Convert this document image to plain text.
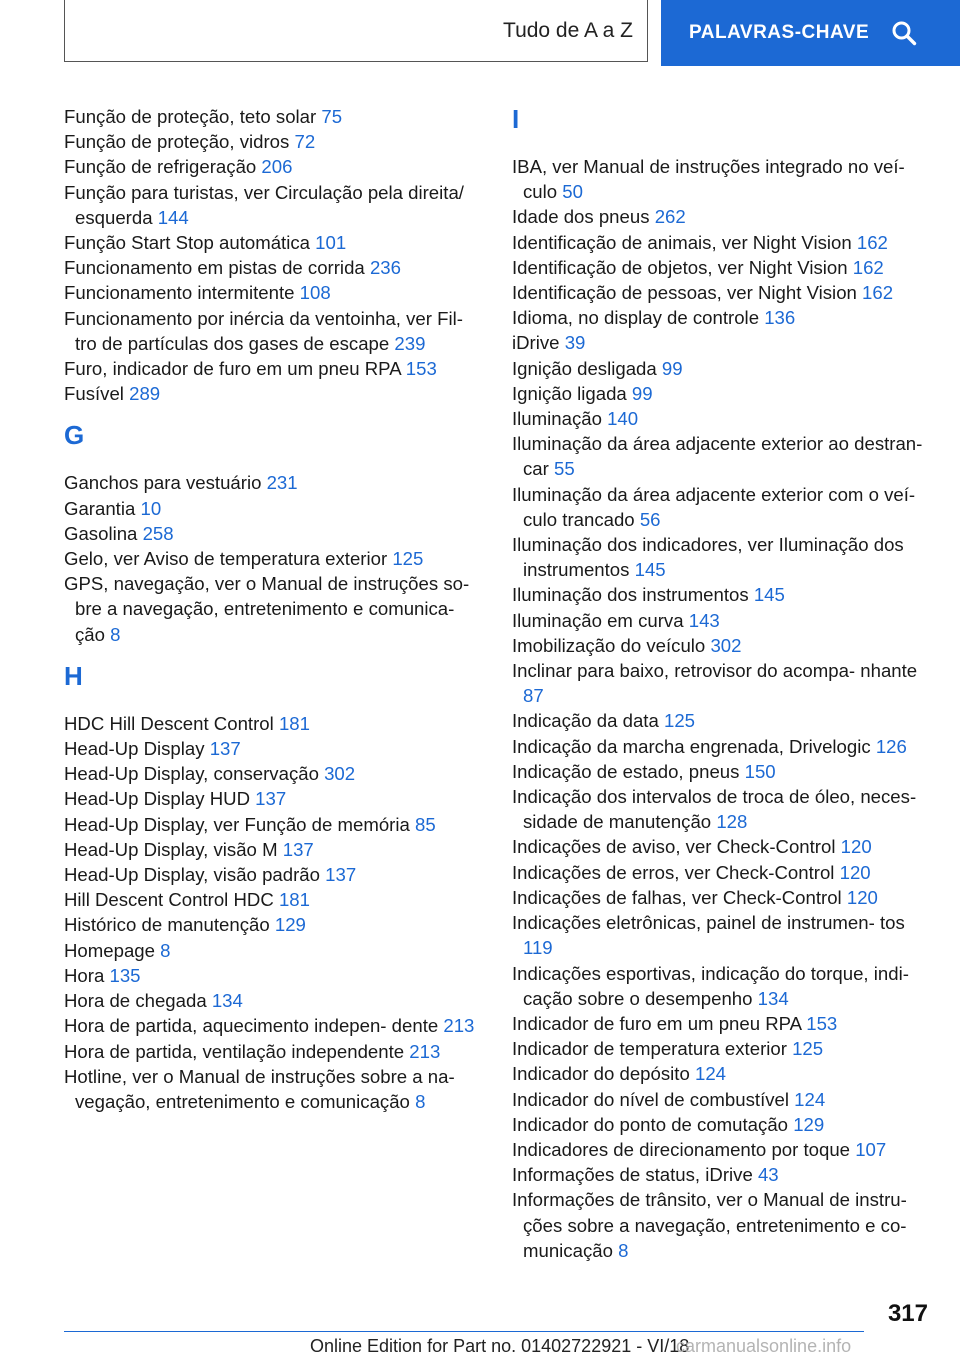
Tudo de A a Z	PALAVRAS-CHAVE
Função de proteção, teto solar 75
Função de proteção, vidros 72
Função de refrigeração 206
Função para turistas, ver Circulação pela direita/ esquerda 144
Função Start Stop automática 101
Funcionamento em pistas de corrida 236
Funcionamento intermitente 108
Funcionamento por inércia da ventoinha, ver Fil- tro de partículas dos gases de escape 239
Furo, indicador de furo em um pneu RPA 153
Fusível 289
G
Ganchos para vestuário 231
Garantia 10
Gasolina 258
Gelo, ver Aviso de temperatura exterior 125
GPS, navegação, ver o Manual de instruções so- bre a navegação, entretenimento e comunica- ção 8
H
HDC Hill Descent Control 181
Head-Up Display 137
Head-Up Display, conservação 302
Head-Up Display HUD 137
Head-Up Display, ver Função de memória 85
Head-Up Display, visão M 137
Head-Up Display, visão padrão 137
Hill Descent Control HDC 181
Histórico de manutenção 129
Homepage 8
Hora 135
Hora de chegada 134
Hora de partida, aquecimento indepen- dente 213
Hora de partida, ventilação independente 213
Hotline, ver o Manual de instruções sobre a na- vegação, entretenimento e comunicação 8
I
IBA, ver Manual de instruções integrado no veí- culo 50
Idade dos pneus 262
Identificação de animais, ver Night Vision 162
Identificação de objetos, ver Night Vision 162
Identificação de pessoas, ver Night Vision 162
Idioma, no display de controle 136
iDrive 39
Ignição desligada 99
Ignição ligada 99
Iluminação 140
Iluminação da área adjacente exterior ao destran- car 55
Iluminação da área adjacente exterior com o veí- culo trancado 56
Iluminação dos indicadores, ver Iluminação dos instrumentos 145
Iluminação dos instrumentos 145
Iluminação em curva 143
Imobilização do veículo 302
Inclinar para baixo, retrovisor do acompa- nhante 87
Indicação da data 125
Indicação da marcha engrenada, Drivelogic 126
Indicação de estado, pneus 150
Indicação dos intervalos de troca de óleo, neces- sidade de manutenção 128
Indicações de aviso, ver Check-Control 120
Indicações de erros, ver Check-Control 120
Indicações de falhas, ver Check-Control 120
Indicações eletrônicas, painel de instrumen- tos 119
Indicações esportivas, indicação do torque, indi- cação sobre o desempenho 134
Indicador de furo em um pneu RPA 153
Indicador de temperatura exterior 125
Indicador do depósito 124
Indicador do nível de combustível 124
Indicador do ponto de comutação 129
Indicadores de direcionamento por toque 107
Informações de status, iDrive 43
Informações de trânsito, ver o Manual de instru- ções sobre a navegação, entretenimento e co- municação 8
317
Online Edition for Part no. 01402722921 - VI/18
carmanualsonline.info
